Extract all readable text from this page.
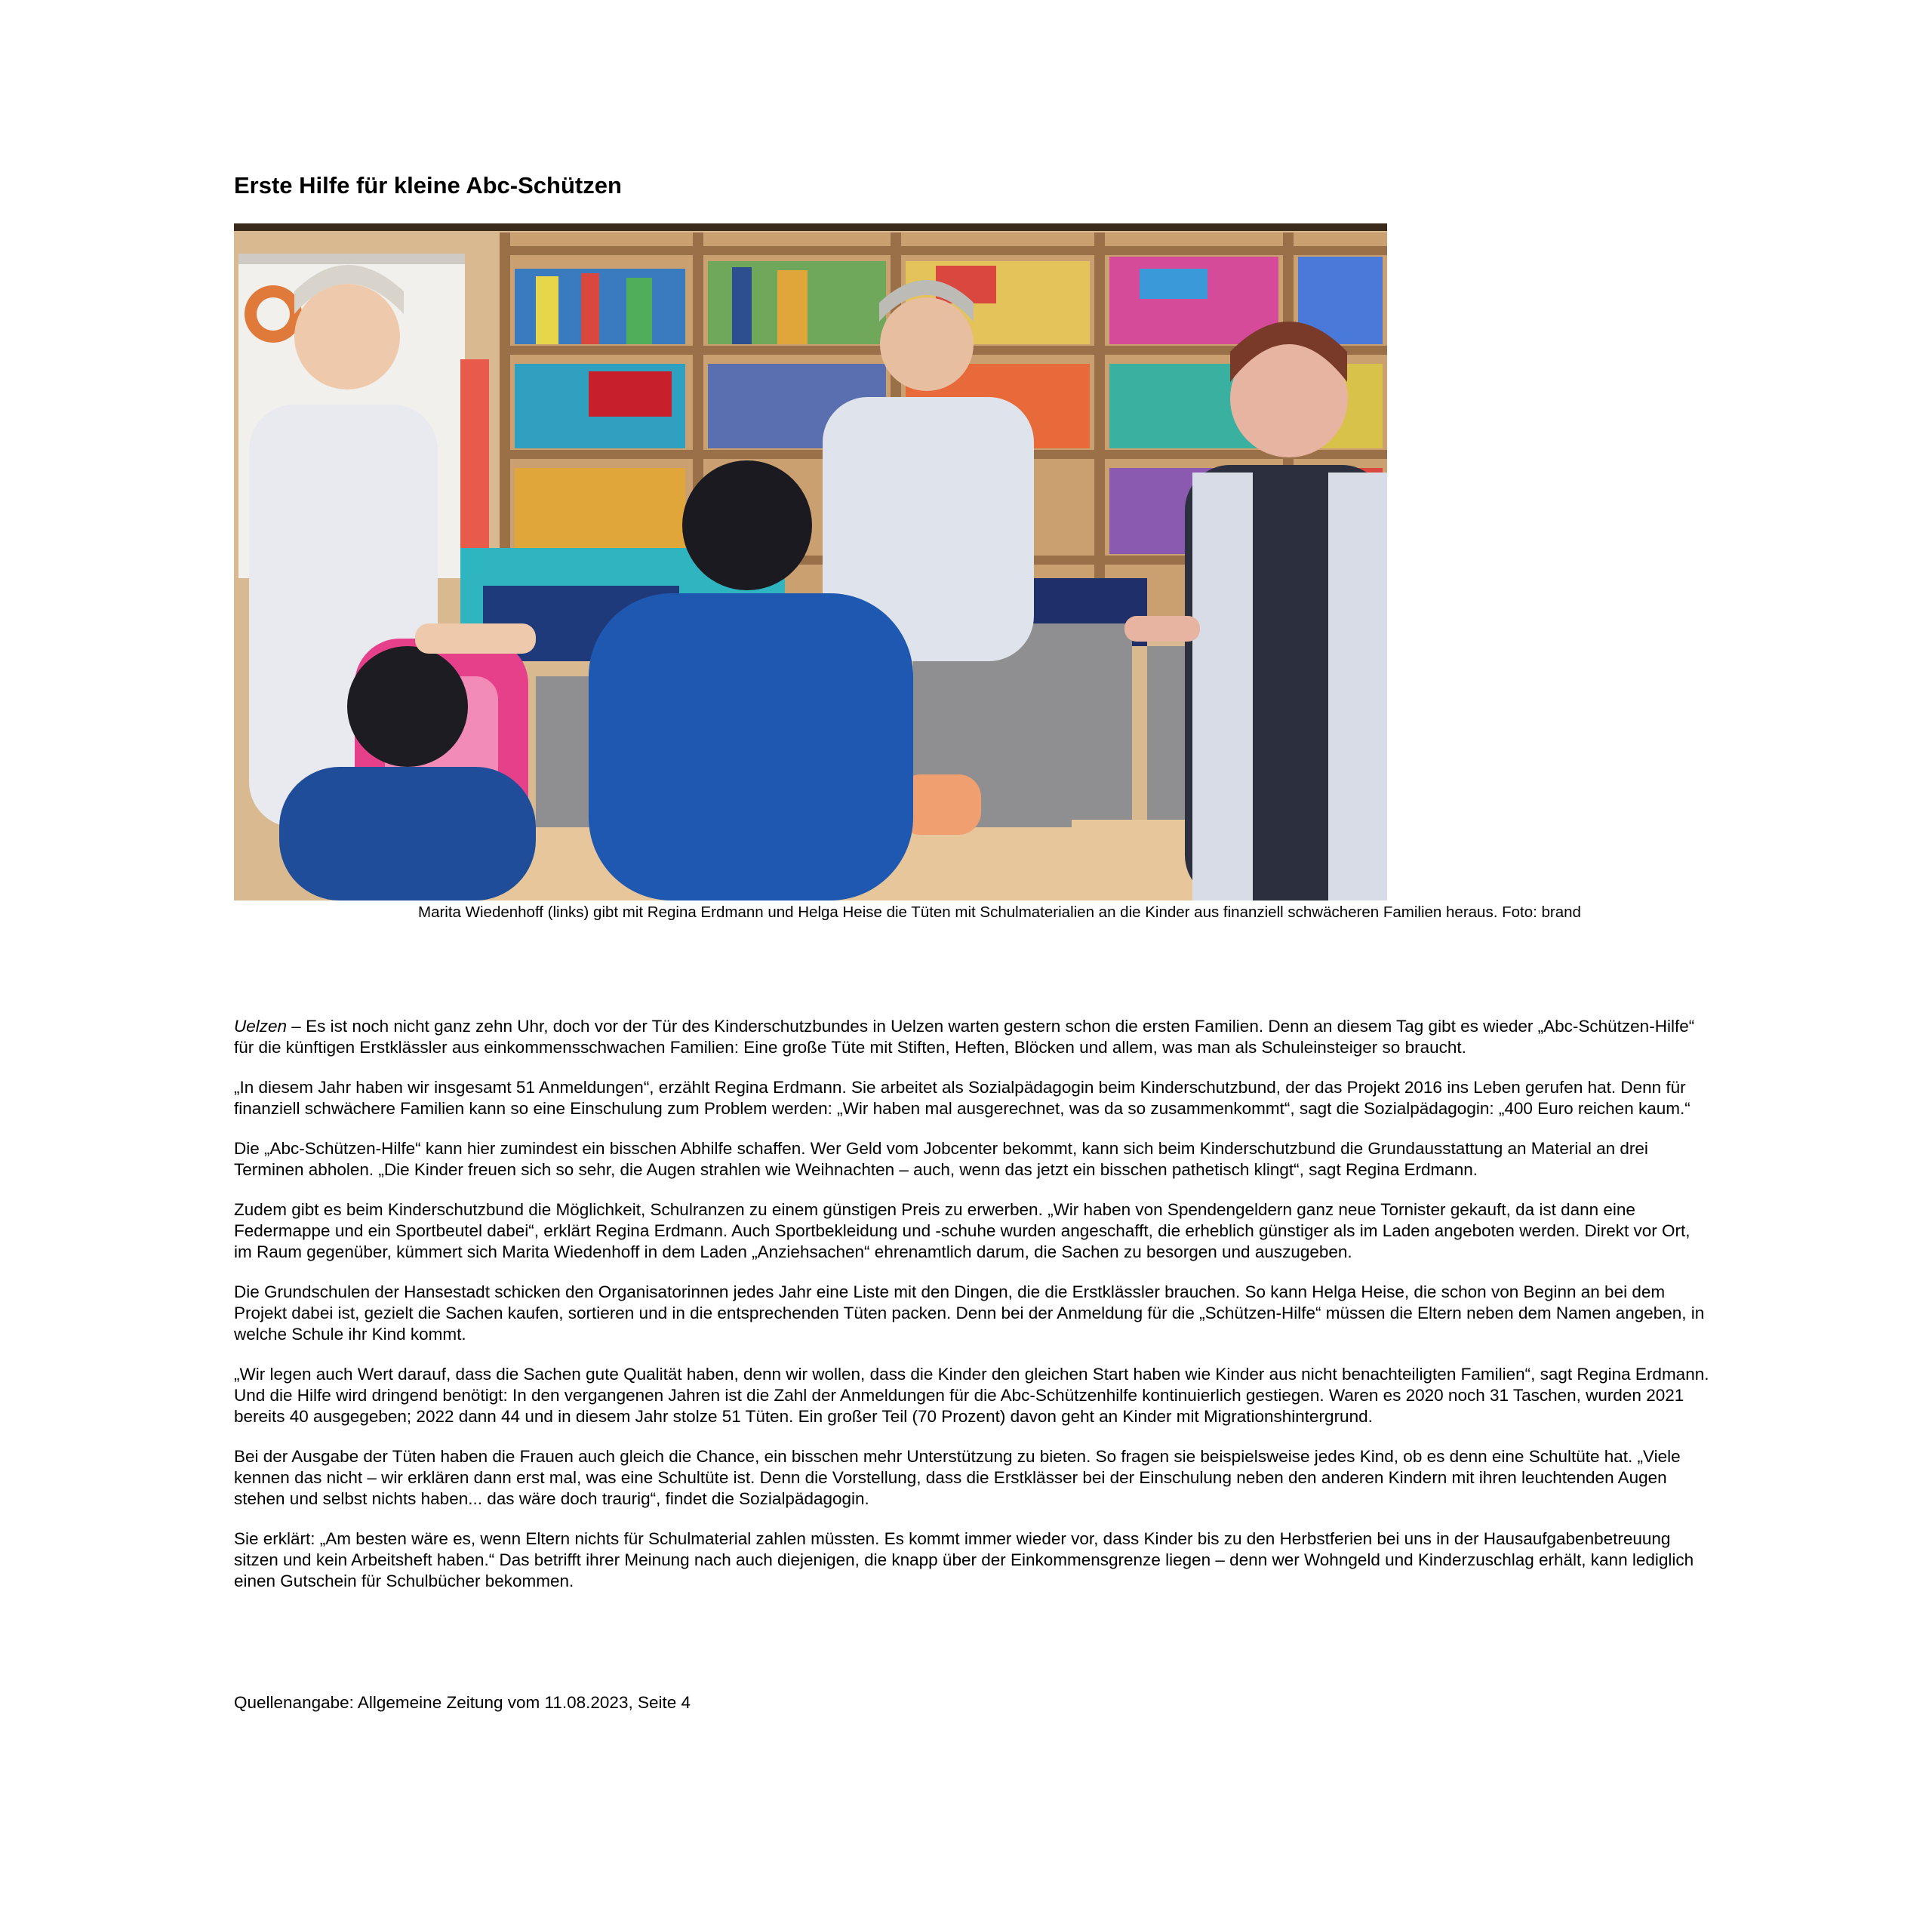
Erste Hilfe für kleine Abc-Schützen

Marita Wiedenhoff (links) gibt mit Regina Erdmann und Helga Heise die Tüten mit Schulmaterialien an die Kinder aus finanziell schwächeren Familien heraus. Foto: brand

Uelzen – Es ist noch nicht ganz zehn Uhr, doch vor der Tür des Kinderschutzbundes in Uelzen warten gestern schon die ersten Familien. Denn an diesem Tag gibt es wieder „Abc-Schützen-Hilfe“ für die künftigen Erstklässler aus einkommensschwachen Familien: Eine große Tüte mit Stiften, Heften, Blöcken und allem, was man als Schuleinsteiger so braucht.

„In diesem Jahr haben wir insgesamt 51 Anmeldungen“, erzählt Regina Erdmann. Sie arbeitet als Sozialpädagogin beim Kinderschutzbund, der das Projekt 2016 ins Leben gerufen hat. Denn für finanziell schwächere Familien kann so eine Einschulung zum Problem werden: „Wir haben mal ausgerechnet, was da so zusammenkommt“, sagt die Sozialpädagogin: „400 Euro reichen kaum.“

Die „Abc-Schützen-Hilfe“ kann hier zumindest ein bisschen Abhilfe schaffen. Wer Geld vom Jobcenter bekommt, kann sich beim Kinderschutzbund die Grundausstattung an Material an drei Terminen abholen. „Die Kinder freuen sich so sehr, die Augen strahlen wie Weihnachten – auch, wenn das jetzt ein bisschen pathetisch klingt“, sagt Regina Erdmann.

Zudem gibt es beim Kinderschutzbund die Möglichkeit, Schulranzen zu einem günstigen Preis zu erwerben. „Wir haben von Spendengeldern ganz neue Tornister gekauft, da ist dann eine Federmappe und ein Sportbeutel dabei“, erklärt Regina Erdmann. Auch Sportbekleidung und -schuhe wurden angeschafft, die erheblich günstiger als im Laden angeboten werden. Direkt vor Ort, im Raum gegenüber, kümmert sich Marita Wiedenhoff in dem Laden „Anziehsachen“ ehrenamtlich darum, die Sachen zu besorgen und auszugeben.

Die Grundschulen der Hansestadt schicken den Organisatorinnen jedes Jahr eine Liste mit den Dingen, die die Erstklässler brauchen. So kann Helga Heise, die schon von Beginn an bei dem Projekt dabei ist, gezielt die Sachen kaufen, sortieren und in die entsprechenden Tüten packen. Denn bei der Anmeldung für die „Schützen-Hilfe“ müssen die Eltern neben dem Namen angeben, in welche Schule ihr Kind kommt.

„Wir legen auch Wert darauf, dass die Sachen gute Qualität haben, denn wir wollen, dass die Kinder den gleichen Start haben wie Kinder aus nicht benachteiligten Familien“, sagt Regina Erdmann. Und die Hilfe wird dringend benötigt: In den vergangenen Jahren ist die Zahl der Anmeldungen für die Abc-Schützenhilfe kontinuierlich gestiegen. Waren es 2020 noch 31 Taschen, wurden 2021 bereits 40 ausgegeben; 2022 dann 44 und in diesem Jahr stolze 51 Tüten. Ein großer Teil (70 Prozent) davon geht an Kinder mit Migrationshintergrund.

Bei der Ausgabe der Tüten haben die Frauen auch gleich die Chance, ein bisschen mehr Unterstützung zu bieten. So fragen sie beispielsweise jedes Kind, ob es denn eine Schultüte hat. „Viele kennen das nicht – wir erklären dann erst mal, was eine Schultüte ist. Denn die Vorstellung, dass die Erstklässer bei der Einschulung neben den anderen Kindern mit ihren leuchtenden Augen stehen und selbst nichts haben... das wäre doch traurig“, findet die Sozialpädagogin.

Sie erklärt: „Am besten wäre es, wenn Eltern nichts für Schulmaterial zahlen müssten. Es kommt immer wieder vor, dass Kinder bis zu den Herbstferien bei uns in der Hausaufgabenbetreuung sitzen und kein Arbeitsheft haben.“ Das betrifft ihrer Meinung nach auch diejenigen, die knapp über der Einkommensgrenze liegen – denn wer Wohngeld und Kinderzuschlag erhält, kann lediglich einen Gutschein für Schulbücher bekommen.

Quellenangabe: Allgemeine Zeitung vom 11.08.2023, Seite 4
